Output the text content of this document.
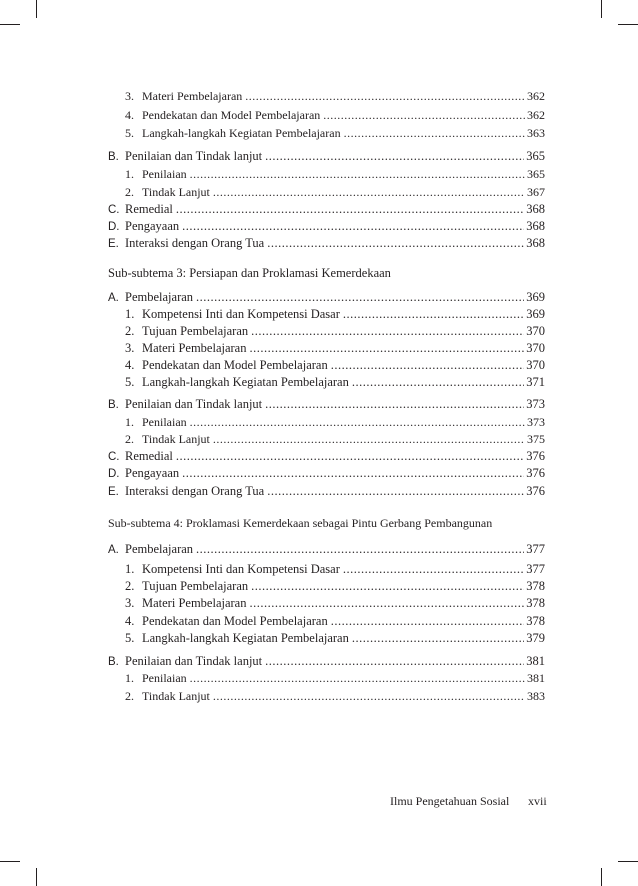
3. Materi Pembelajaran .....	362
4. Pendekatan dan Model Pembelajaran .....	362
5. Langkah-langkah Kegiatan Pembelajaran .....	363
B. Penilaian dan Tindak lanjut .....	365
1. Penilaian .....	365
2. Tindak Lanjut .....	367
C. Remedial .....	368
D. Pengayaan .....	368
E. Interaksi dengan Orang Tua .....	368
Sub-subtema 3: Persiapan dan Proklamasi Kemerdekaan
A. Pembelajaran .....	369
1. Kompetensi Inti dan Kompetensi Dasar .....	369
2. Tujuan Pembelajaran .....	370
3. Materi Pembelajaran .....	370
4. Pendekatan dan Model Pembelajaran .....	370
5. Langkah-langkah Kegiatan Pembelajaran .....	371
B. Penilaian dan Tindak lanjut .....	373
1. Penilaian .....	373
2. Tindak Lanjut .....	375
C. Remedial .....	376
D. Pengayaan .....	376
E. Interaksi dengan Orang Tua .....	376
Sub-subtema 4: Proklamasi Kemerdekaan sebagai Pintu Gerbang Pembangunan
A. Pembelajaran .....	377
1. Kompetensi Inti dan Kompetensi Dasar .....	377
2. Tujuan Pembelajaran .....	378
3. Materi Pembelajaran .....	378
4. Pendekatan dan Model Pembelajaran .....	378
5. Langkah-langkah Kegiatan Pembelajaran .....	379
B. Penilaian dan Tindak lanjut .....	381
1. Penilaian .....	381
2. Tindak Lanjut .....	383
Ilmu Pengetahuan Sosial xvii
